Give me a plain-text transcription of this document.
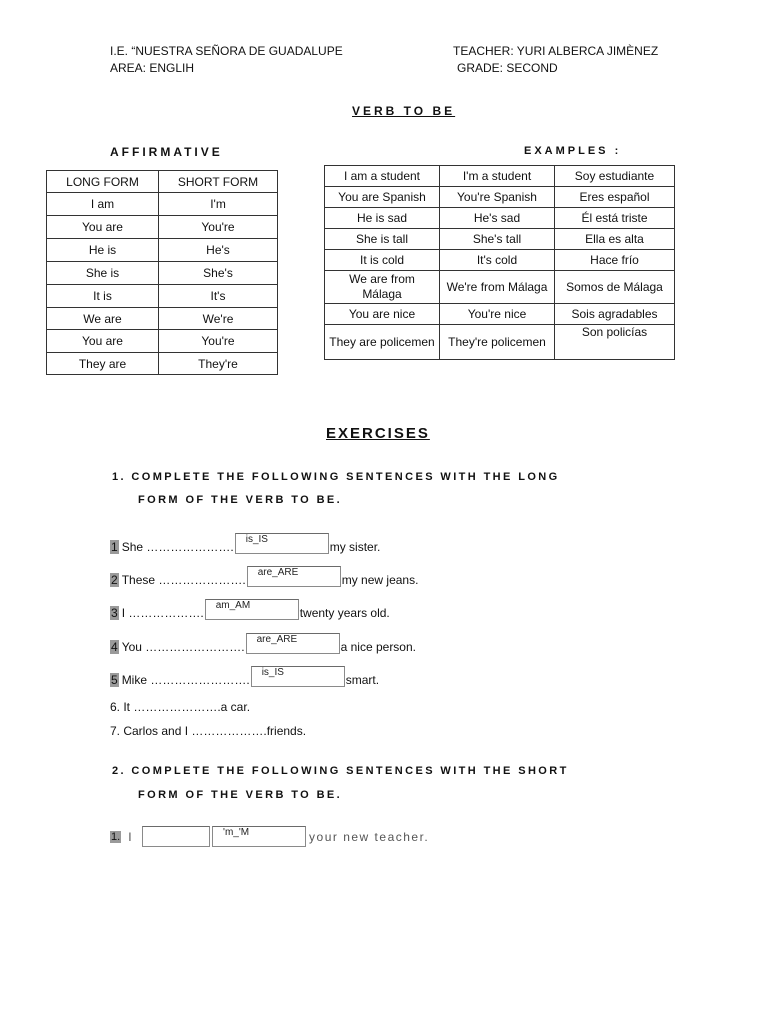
I.E. “NUESTRA SEÑORA DE GUADALUPE
AREA: ENGLIH
TEACHER: YURI ALBERCA JIMÈNEZ
GRADE: SECOND
VERB TO BE
AFFIRMATIVE	EXAMPLES :
LONG FORM	SHORT FORM
I am	I'm
You are	You're
He is	He's
She is	She's
It is	It's
We are	We're
You are	You're
They are	They're
I am a student	I'm a student	Soy estudiante
You are Spanish	You're Spanish	Eres español
He is sad	He's sad	Él está triste
She is tall	She's tall	Ella es alta
It is cold	It's cold	Hace frío
We are from Málaga	We're from Málaga	Somos de Málaga
You are nice	You're nice	Sois agradables
They are policemen	They're policemen	Son policías
EXERCISES
1. COMPLETE THE FOLLOWING SENTENCES WITH THE LONG
FORM OF THE VERB TO BE.
1 She ………………….
is_IS
my sister.
2 These ………………….
are_ARE
my new jeans.
3 I ……………….
am_AM
twenty years old.
4 You …………………….
are_ARE
a nice person.
5 Mike …………………….
is_IS
smart.
6. It ………………….a car.
7. Carlos and I ……………….friends.
2. COMPLETE THE FOLLOWING SENTENCES WITH THE SHORT
FORM OF THE VERB TO BE.
1. I	'm_'M	your new teacher.
